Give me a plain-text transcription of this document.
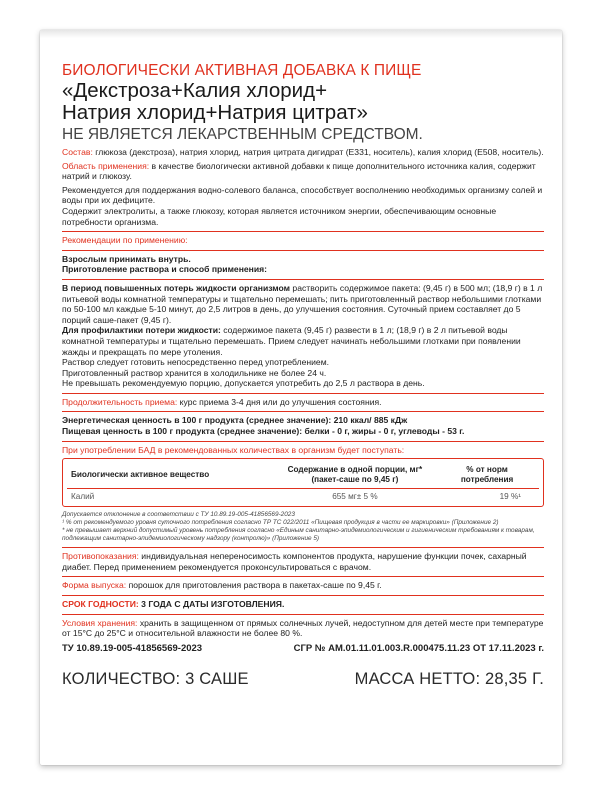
БИОЛОГИЧЕСКИ АКТИВНАЯ ДОБАВКА К ПИЩЕ
«Декстроза+Калия хлорид+
Натрия хлорид+Натрия цитрат»
НЕ ЯВЛЯЕТСЯ ЛЕКАРСТВЕННЫМ СРЕДСТВОМ.
Состав: глюкоза (декстроза), натрия хлорид, натрия цитрата дигидрат (Е331, носитель), калия хлорид (Е508, носитель).
Область применения: в качестве биологически активной добавки к пище дополнительного источника калия, содержит натрий и глюкозу.
Рекомендуется для поддержания водно-солевого баланса, способствует восполнению необходимых организму солей и воды при их дефиците.
Содержит электролиты, а также глюкозу, которая является источником энергии, обеспечивающим основные потребности организма.
Рекомендации по применению:
Взрослым принимать внутрь.
Приготовление раствора и способ применения:
В период повышенных потерь жидкости организмом растворить содержимое пакета: (9,45 г) в 500 мл; (18,9 г) в 1 л питьевой воды комнатной температуры и тщательно перемешать; пить приготовленный раствор небольшими глотками по 50-100 мл каждые 5-10 минут, до 2,5 литров в день, до улучшения состояния. Суточный прием составляет до 5 порций саше-пакет (9,45 г).
Для профилактики потери жидкости: содержимое пакета (9,45 г) развести в 1 л; (18,9 г) в 2 л питьевой воды комнатной температуры и тщательно перемешать. Прием следует начинать небольшими глотками при появлении жажды и прекращать по мере утоления.
Раствор следует готовить непосредственно перед употреблением.
Приготовленный раствор хранится в холодильнике не более 24 ч.
Не превышать рекомендуемую порцию, допускается употребить до 2,5 л раствора в день.
Продолжительность приема: курс приема 3-4 дня или до улучшения состояния.
Энергетическая ценность в 100 г продукта (среднее значение): 210 ккал/ 885 кДж
Пищевая ценность в 100 г продукта (среднее значение): белки - 0 г, жиры - 0 г, углеводы - 53 г.
При употреблении БАД в рекомендованных количествах в организм будет поступать:
Биологически активное вещество	Содержание в одной порции, мг* (пакет-саше по 9,45 г)	% от норм потребления
Калий	655 мг± 5 %	19 %¹
Допускается отклонение в соответствии с ТУ 10.89.19-005-41856569-2023
¹ % от рекомендуемого уровня суточного потребления согласно ТР ТС 022/2011 «Пищевая продукция в части ее маркировки» (Приложение 2)
* не превышает верхний допустимый уровень потребления согласно «Единым санитарно-эпидемиологическим и гигиеническим требованиям к товарам, подлежащим санитарно-эпидемиологическому надзору (контролю)» (Приложение 5)
Противопоказания: индивидуальная непереносимость компонентов продукта, нарушение функции почек, сахарный диабет. Перед применением рекомендуется проконсультироваться с врачом.
Форма выпуска: порошок для приготовления раствора в пакетах-саше по 9,45 г.
СРОК ГОДНОСТИ: 3 ГОДА С ДАТЫ ИЗГОТОВЛЕНИЯ.
Условия хранения: хранить в защищенном от прямых солнечных лучей, недоступном для детей месте при температуре от 15°С до 25°С и относительной влажности не более 80 %.
ТУ 10.89.19-005-41856569-2023	СГР № AM.01.11.01.003.R.000475.11.23 ОТ 17.11.2023 г.
КОЛИЧЕСТВО: 3 САШЕ	МАССА НЕТТО: 28,35 Г.
